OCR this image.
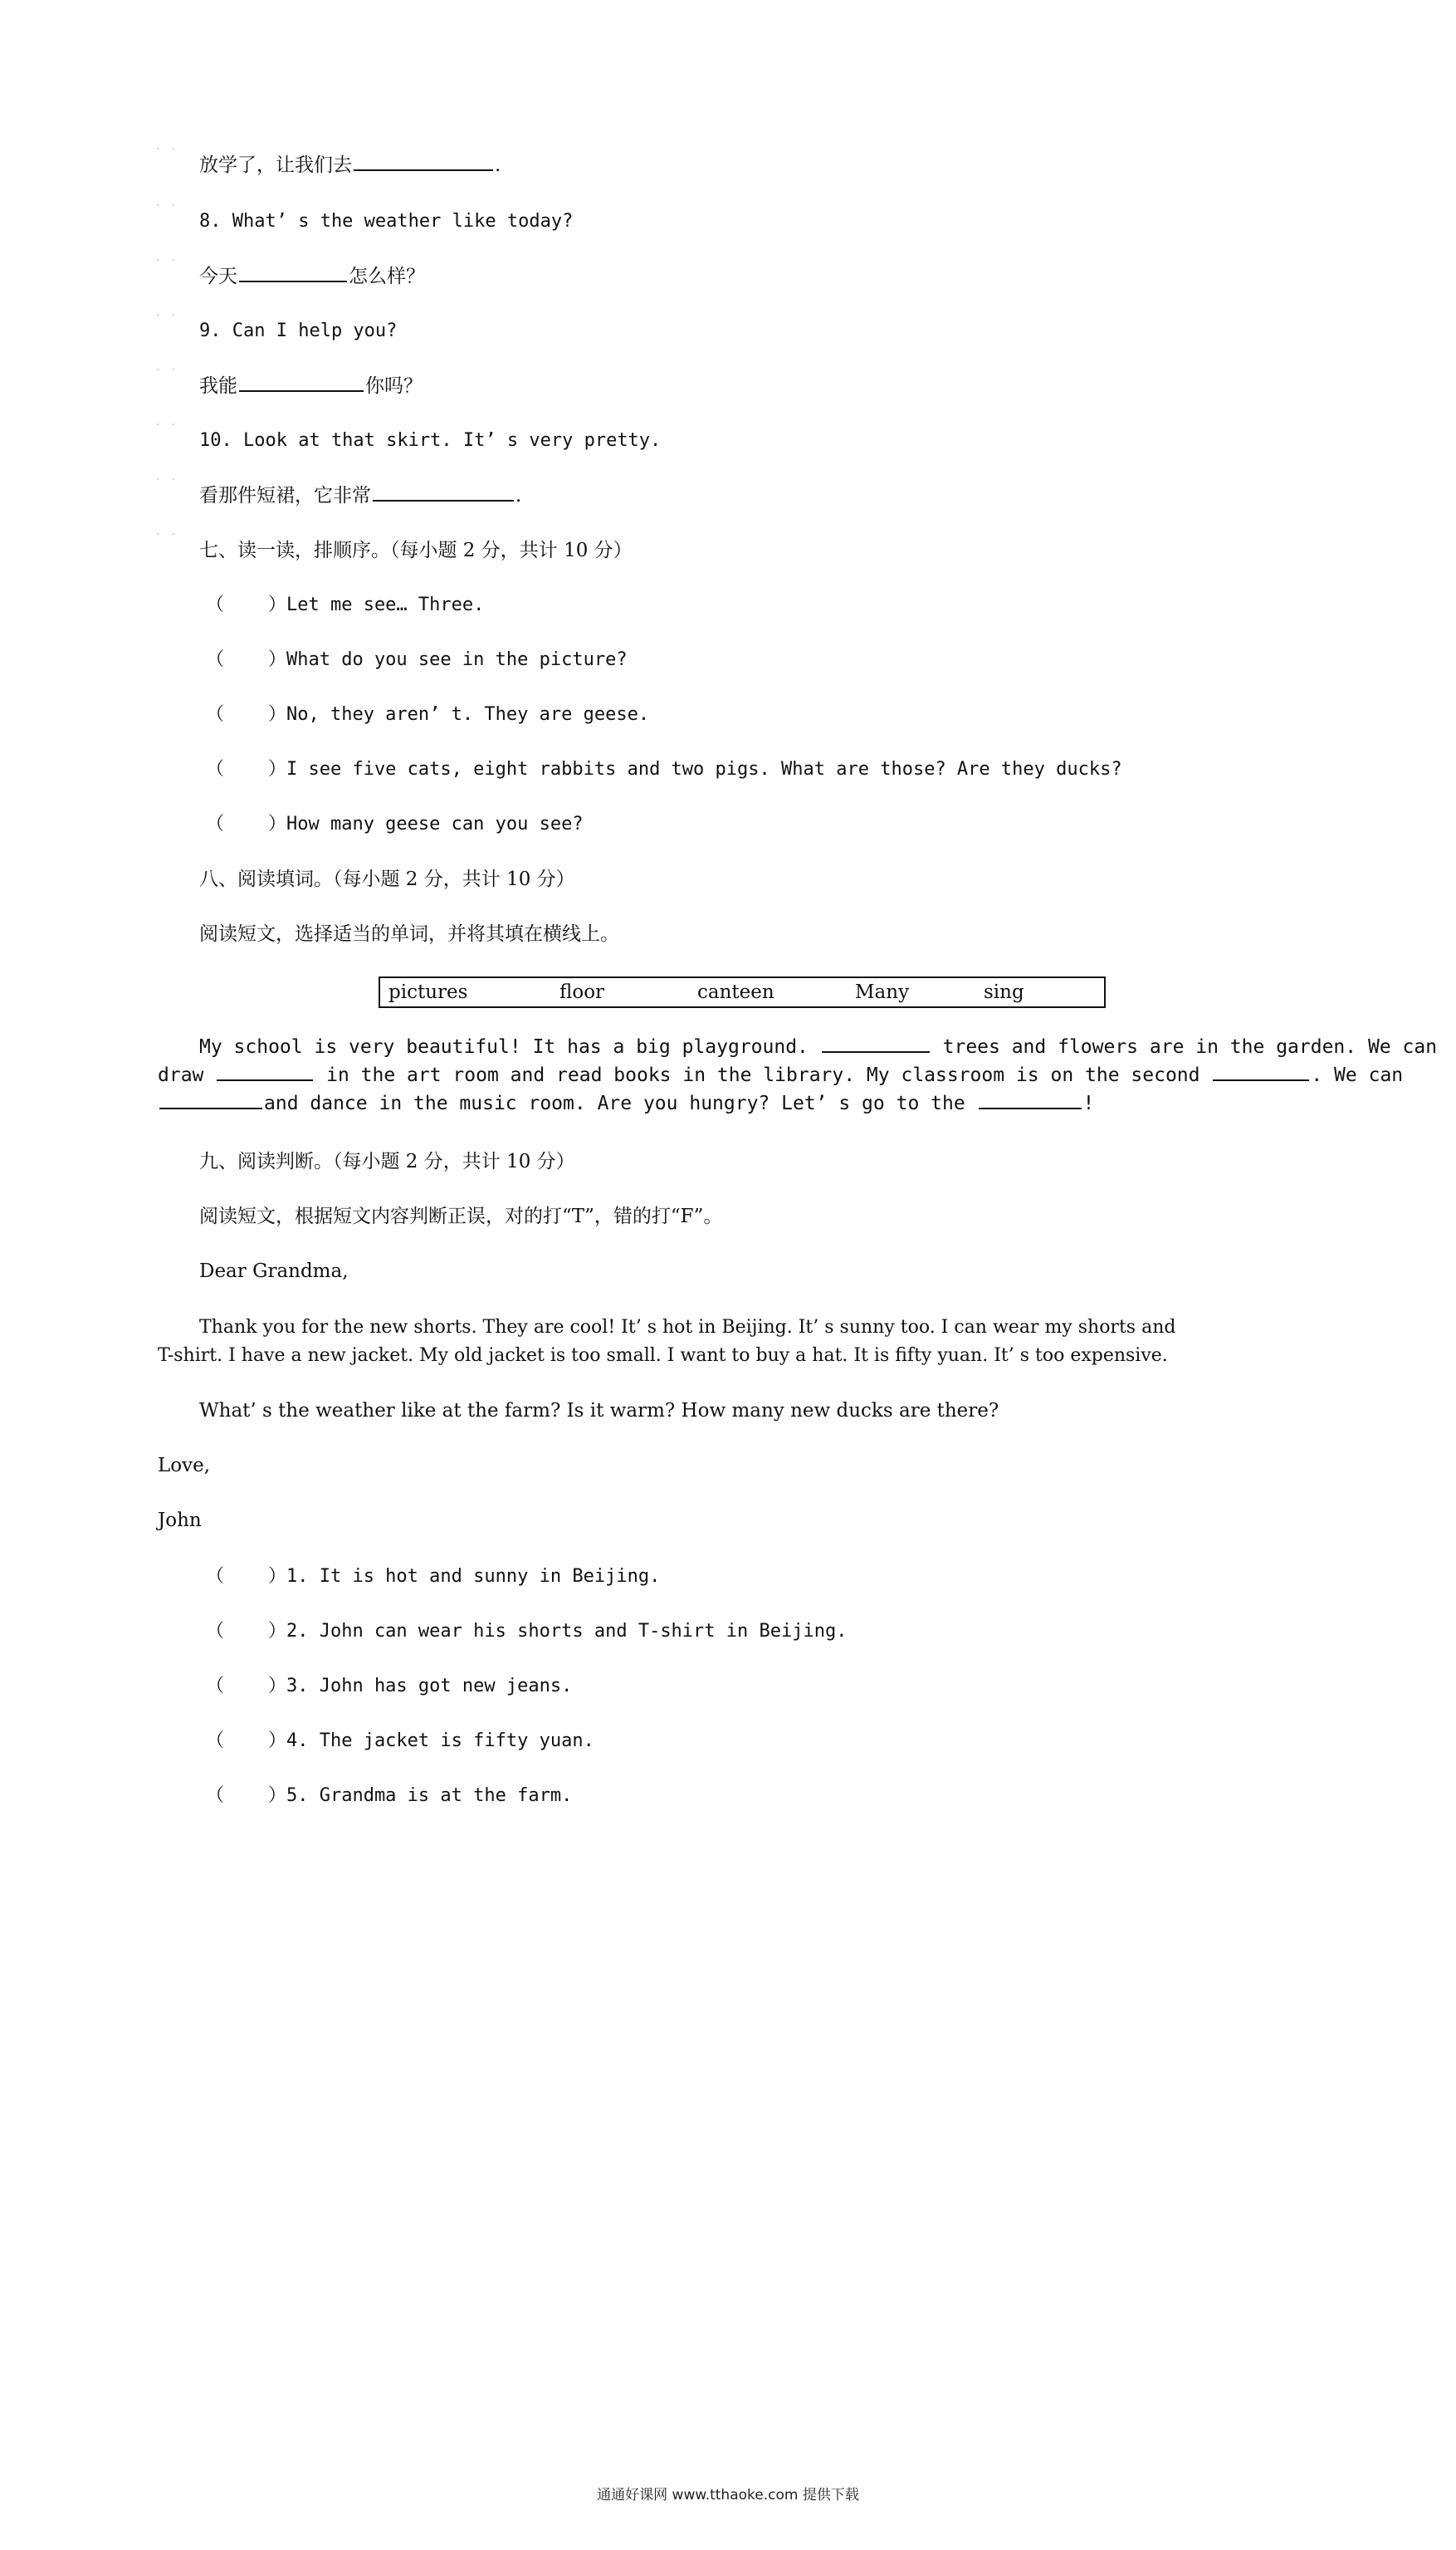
..
..
..
..
..
..
..
..
放学了，让我们去	.
8. What’ s the weather like today?
今天	怎么样？
9. Can I help you?
我能	你吗？
10. Look at that skirt. It’ s very pretty.
看那件短裙，它非常	.
七、读一读，排顺序。（每小题 2 分，共计 10 分）
（    ）Let me see… Three.
（    ）What do you see in the picture?
（    ）No, they aren’ t. They are geese.
（    ）I see five cats, eight rabbits and two pigs. What are those? Are they ducks?
（    ）How many geese can you see?
八、阅读填词。（每小题 2 分，共计 10 分）
阅读短文，选择适当的单词，并将其填在横线上。
pictures	floor	canteen	Many	sing
My school is very beautiful! It has a big playground.	trees and flowers are in the garden. We can
draw	in the art room and read books in the library. My classroom is on the second	. We can
and dance in the music room. Are you hungry? Let’ s go to the	!
九、阅读判断。（每小题 2 分，共计 10 分）
阅读短文，根据短文内容判断正误，对的打“T”，错的打“F”。
Dear Grandma,
Thank you for the new shorts. They are cool! It’ s hot in Beijing. It’ s sunny too. I can wear my shorts and
T-shirt. I have a new jacket. My old jacket is too small. I want to buy a hat. It is fifty yuan. It’ s too expensive.
What’ s the weather like at the farm? Is it warm? How many new ducks are there?
Love,
John
（    ）1. It is hot and sunny in Beijing.
（    ）2. John can wear his shorts and T-shirt in Beijing.
（    ）3. John has got new jeans.
（    ）4. The jacket is fifty yuan.
（    ）5. Grandma is at the farm.
通通好课网 www.tthaoke.com 提供下载
